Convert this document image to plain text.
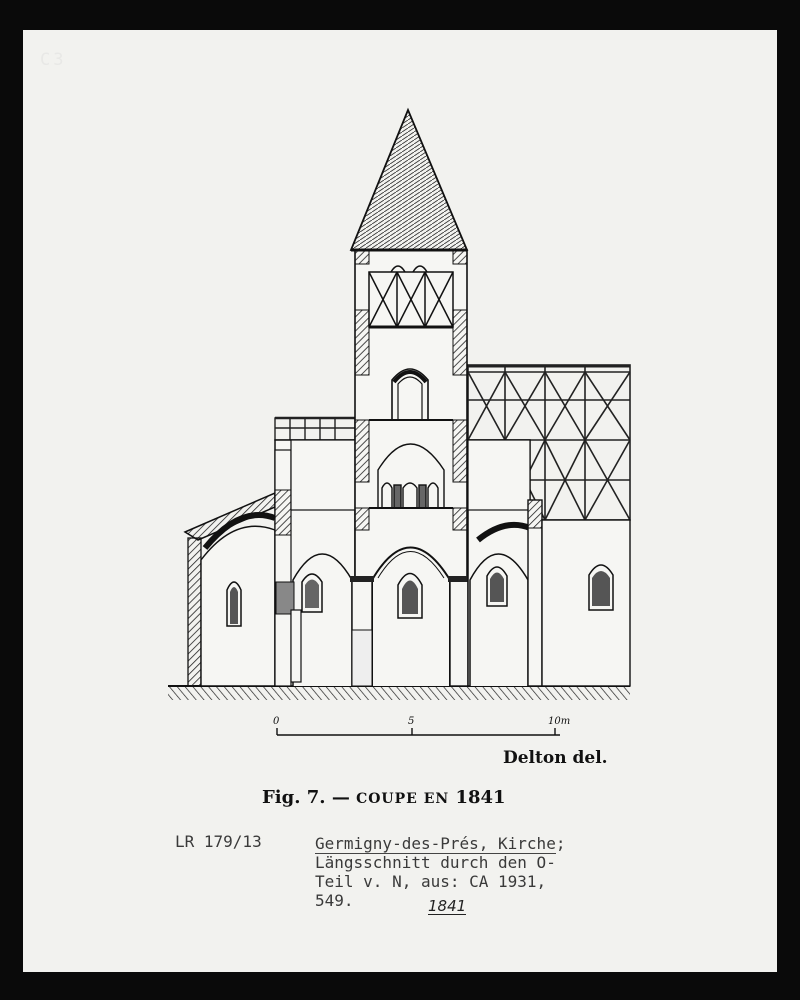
C3
0	5	10m
Delton del.
Fig. 7. — COUPE EN 1841
LR 179/13	Germigny-des-Prés, Kirche;
Längsschnitt durch den O-
Teil v. N, aus: CA 1931,
549.	1841
